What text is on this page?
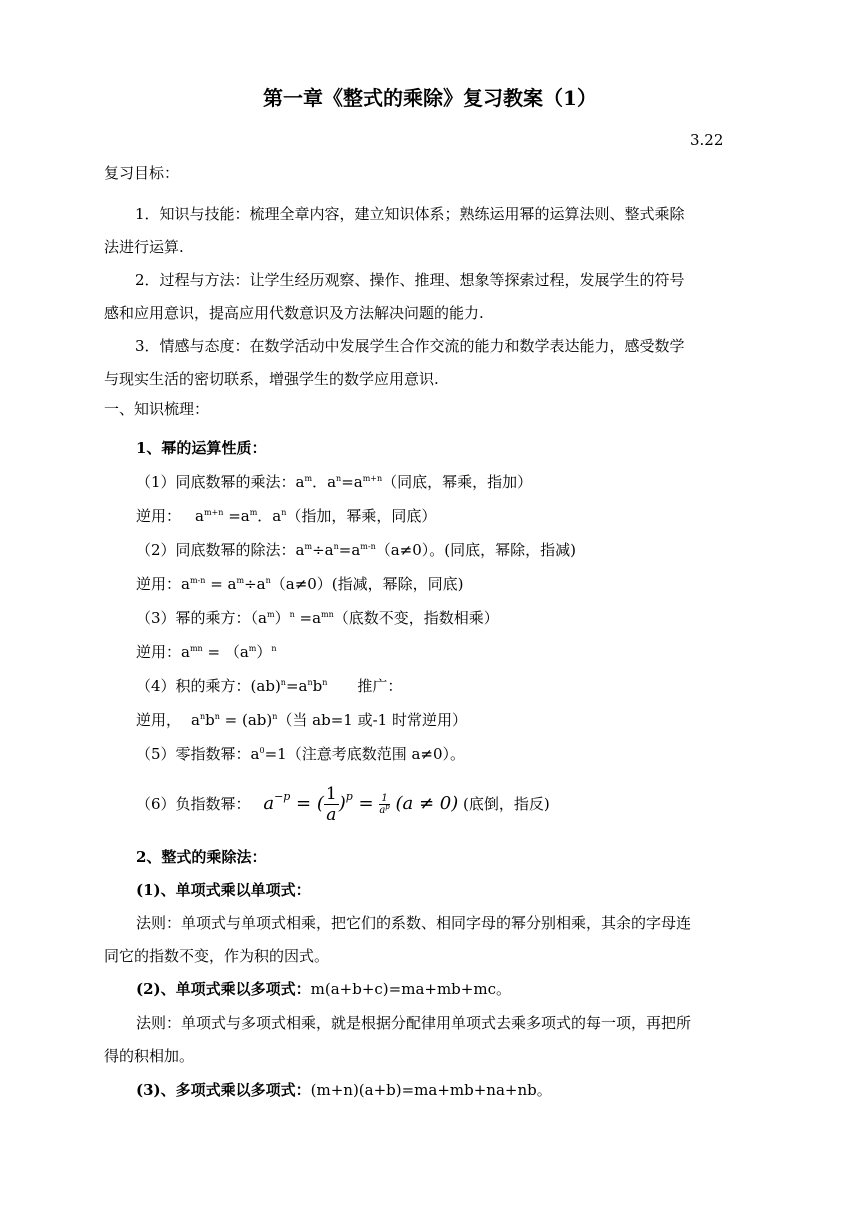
第一章《整式的乘除》复习教案（1）
3.22
复习目标：
1．知识与技能：梳理全章内容，建立知识体系；熟练运用幂的运算法则、整式乘除
法进行运算.
2．过程与方法：让学生经历观察、操作、推理、想象等探索过程，发展学生的符号
感和应用意识，提高应用代数意识及方法解决问题的能力.
3．情感与态度：在数学活动中发展学生合作交流的能力和数学表达能力，感受数学
与现实生活的密切联系，增强学生的数学应用意识.
一、知识梳理：
1、幂的运算性质：
（1）同底数幂的乘法：$a^m$．$a^n=a^{m+n}$（同底，幂乘，指加）
逆用： $a^{m+n} =a^m$．$a^n$（指加，幂乘，同底）
（2）同底数幂的除法：$a^m\div a^n=a^{m-n}(a\ne 0)$。(同底，幂除，指减)
逆用：$a^{m-n} = a^m\div a^n(a\ne 0)$(指减，幂除，同底)
（3）幂的乘方：$(a^m)^n =a^{mn}$（底数不变，指数相乘）
逆用：$a^{mn} = (a^m)^n$
（4）积的乘方：$(ab)^n=a^nb^n$ 推广：
逆用， $a^nb^n = (ab)^n$（当 ab=1 或-1 时常逆用）
（5）零指数幂：$a^0=1$（注意考底数范围 a≠0）。
（6）负指数幂： $a^{-p}$ = ( $\frac{1}{a} )^p = \frac{1}{a^p} (a \ne 0)$ (底倒，指反)
2、整式的乘除法：
(1)、单项式乘以单项式：
法则：单项式与单项式相乘，把它们的系数、相同字母的幂分别相乘，其余的字母连
同它的指数不变，作为积的因式。
(2)、单项式乘以多项式：m(a+b+c)=ma+mb+mc。
法则：单项式与多项式相乘，就是根据分配律用单项式去乘多项式的每一项，再把所
得的积相加。
(3)、多项式乘以多项式：(m+n)(a+b)=ma+mb+na+nb。
